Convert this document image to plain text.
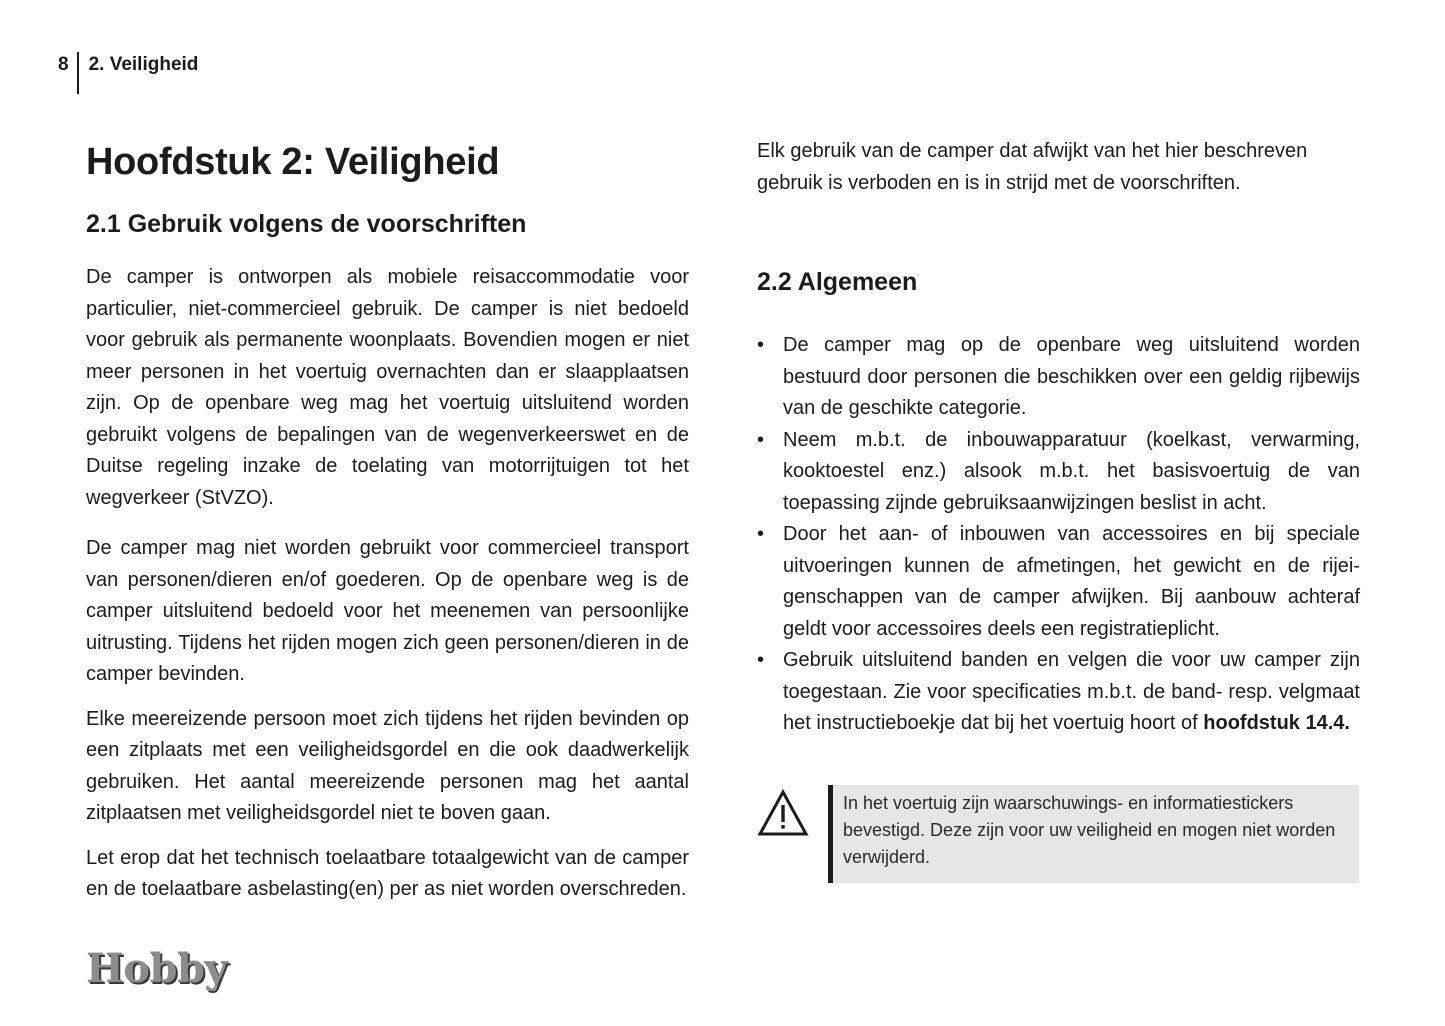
8	2. Veiligheid
Hoofdstuk 2: Veiligheid
2.1 Gebruik volgens de voorschriften

De camper is ontworpen als mobiele reisaccommodatie voor particulier, niet-commercieel gebruik. De camper is niet bedoeld voor gebruik als permanente woonplaats. Bovendien mogen er niet meer personen in het voertuig overnachten dan er slaapplaatsen zijn. Op de openbare weg mag het voertuig uitsluitend worden gebruikt volgens de bepalingen van de wegenverkeerswet en de Duitse regeling inzake de toelating van motorrijtuigen tot het wegverkeer (StVZO).

De camper mag niet worden gebruikt voor commercieel transport van personen/dieren en/of goederen. Op de openbare weg is de camper uitsluitend bedoeld voor het meenemen van persoonlijke uitrusting. Tijdens het rijden mogen zich geen personen/dieren in de camper bevinden.

Elke meereizende persoon moet zich tijdens het rijden bevinden op een zitplaats met een veiligheidsgordel en die ook daadwerkelijk gebruiken. Het aantal meereizende personen mag het aantal zitplaatsen met veiligheidsgordel niet te boven gaan.

Let erop dat het technisch toelaatbare totaalgewicht van de camper en de toelaatbare asbelasting(en) per as niet worden overschreden.

Elk gebruik van de camper dat afwijkt van het hier beschreven gebruik is verboden en is in strijd met de voorschriften.

2.2 Algemeen
• De camper mag op de openbare weg uitsluitend worden bestuurd door personen die beschikken over een geldig rijbewijs van de geschikte categorie.
• Neem m.b.t. de inbouwapparatuur (koelkast, verwarming, kooktoestel enz.) alsook m.b.t. het basisvoertuig de van toepassing zijnde gebruiksaanwijzingen beslist in acht.
• Door het aan- of inbouwen van accessoires en bij speciale uitvoeringen kunnen de afmetingen, het gewicht en de rijeigenschappen van de camper afwijken. Bij aanbouw achteraf geldt voor accessoires deels een registratieplicht.
• Gebruik uitsluitend banden en velgen die voor uw camper zijn toegestaan. Zie voor specificaties m.b.t. de band- resp. velgmaat het instructieboekje dat bij het voertuig hoort of hoofdstuk 14.4.

In het voertuig zijn waarschuwings- en informatiestickers bevestigd. Deze zijn voor uw veiligheid en mogen niet worden verwijderd.

Hobby
